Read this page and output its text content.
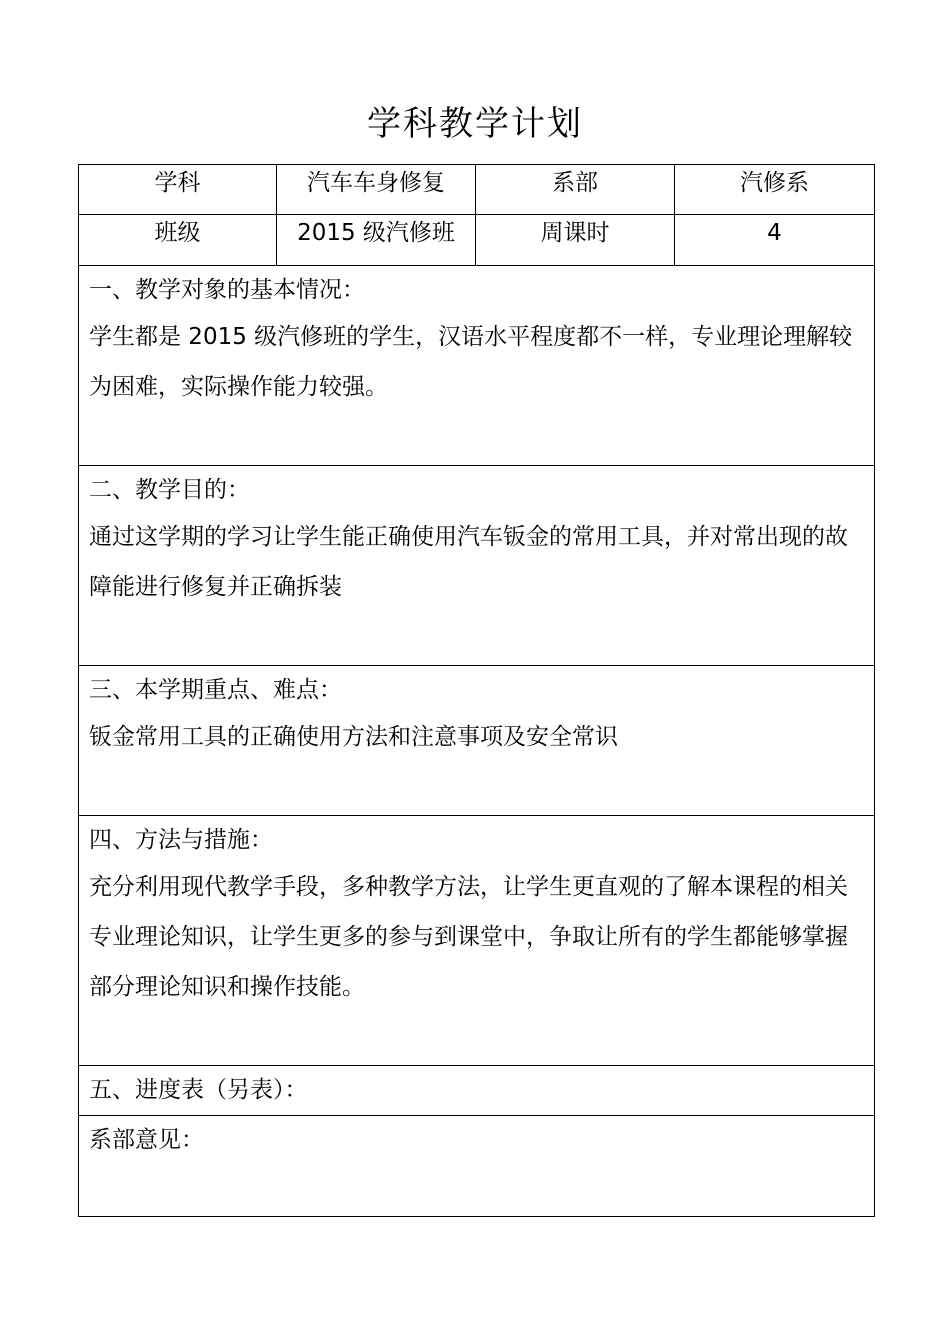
学科教学计划
学科	汽车车身修复	系部	汽修系

班级	2015 级汽修班	周课时	4

一、教学对象的基本情况：
学生都是 2015 级汽修班的学生，汉语水平程度都不一样，专业理论理解较为困难，实际操作能力较强。			

二、教学目的：
通过这学期的学习让学生能正确使用汽车钣金的常用工具，并对常出现的故障能进行修复并正确拆装			

三、本学期重点、难点：
钣金常用工具的正确使用方法和注意事项及安全常识			

四、方法与措施：
充分利用现代教学手段，多种教学方法，让学生更直观的了解本课程的相关专业理论知识，让学生更多的参与到课堂中，争取让所有的学生都能够掌握部分理论知识和操作技能。			

五、进度表（另表）：			

系部意见：			
